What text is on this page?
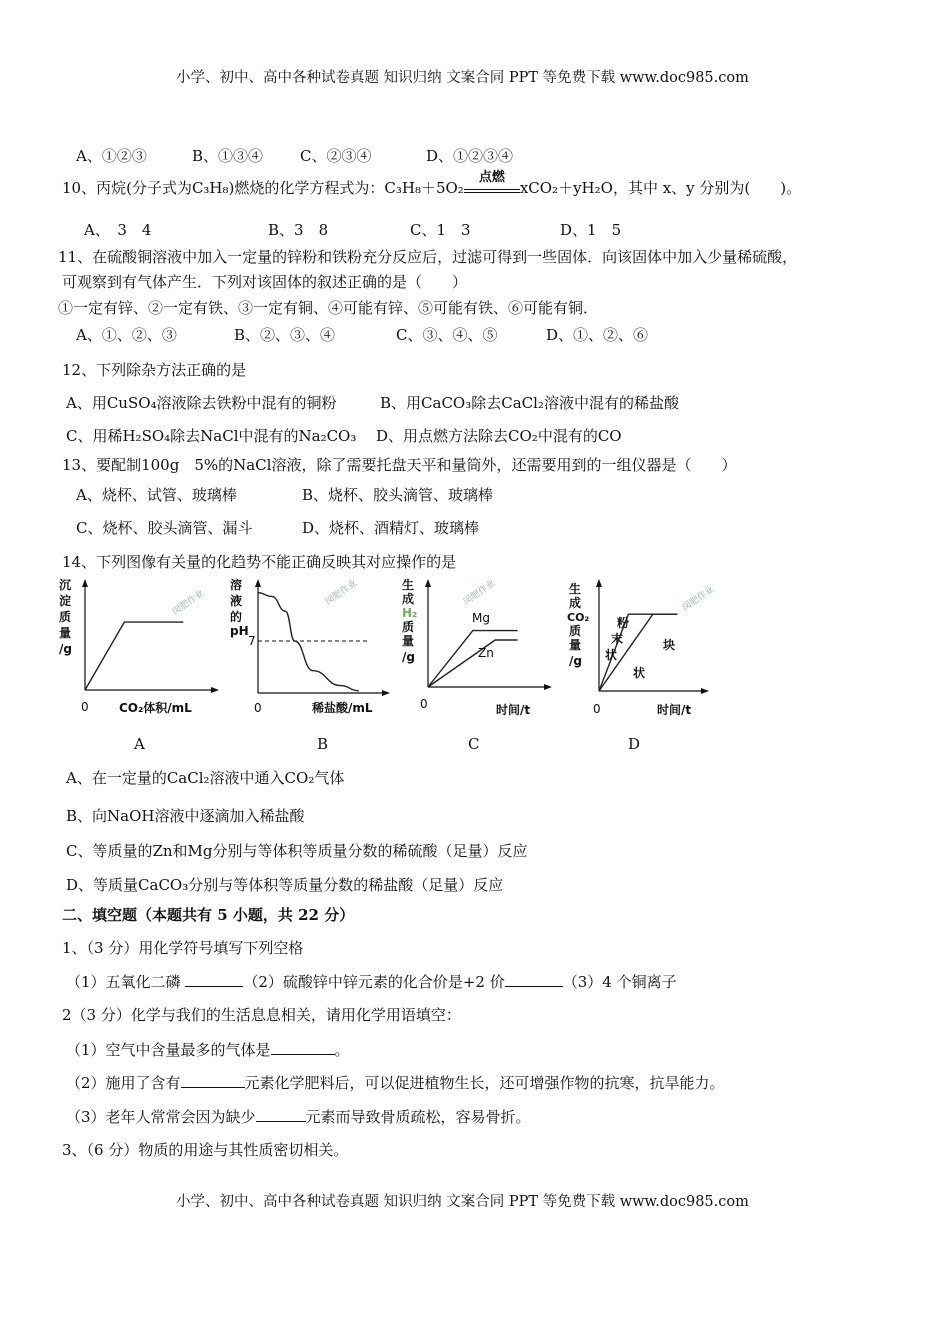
小学、初中、高中各种试卷真题 知识归纳 文案合同 PPT 等免费下载 www.doc985.com
A、①②③	B、①③④ C、②③④	D、①②③④
10、丙烷(分子式为C₃H₈)燃烧的化学方程式为：C₃H₈＋5O₂
点燃
xCO₂＋yH₂O，其中 x、y 分别为(　　)。
A、　3　4	B、3　8	C、1　3	D、1　5
11、在硫酸铜溶液中加入一定量的锌粉和铁粉充分反应后，过滤可得到一些固体．向该固体中加入少量稀硫酸，
可观察到有气体产生．下列对该固体的叙述正确的是（　　）
①一定有锌、②一定有铁、③一定有铜、④可能有锌、⑤可能有铁、⑥可能有铜．
A、①、②、③	B、②、③、④	C、③、④、⑤	D、①、②、⑥
12、下列除杂方法正确的是
A、用CuSO₄溶液除去铁粉中混有的铜粉	B、用CaCO₃除去CaCl₂溶液中混有的稀盐酸
C、用稀H₂SO₄除去NaCl中混有的Na₂CO₃ D、用点燃方法除去CO₂中混有的CO
13、要配制100g　5%的NaCl溶液，除了需要托盘天平和量筒外，还需要用到的一组仪器是（　　）
A、烧杯、试管、玻璃棒	B、烧杯、胶头滴管、玻璃棒
C、烧杯、胶头滴管、漏斗	D、烧杯、酒精灯、玻璃棒
14、下列图像有关量的化趋势不能正确反映其对应操作的是
沉
淀
质
量
/g
0	CO₂体积/mL
闵肥作业
A
溶
液
的
pH
7
0	稀盐酸/mL
闵肥作业
B
生
成
H₂
质
量
/g
Mg
Zn
0	时间/t
闵肥作业
C
生
成
CO₂
质
量
/g
粉
末
状
块
状
0	时间/t
闵肥作业
D
A、在一定量的CaCl₂溶液中通入CO₂气体
B、向NaOH溶液中逐滴加入稀盐酸
C、等质量的Zn和Mg分别与等体积等质量分数的稀硫酸（足量）反应
D、等质量CaCO₃分别与等体积等质量分数的稀盐酸（足量）反应
二、填空题（本题共有 5 小题，共 22 分）
1、（3 分）用化学符号填写下列空格
（1）五氧化二磷	（2）硫酸锌中锌元素的化合价是+2 价	（3）4 个铜离子
2（3 分）化学与我们的生活息息相关，请用化学用语填空：
（1）空气中含量最多的气体是	。
（2）施用了含有	元素化学肥料后，可以促进植物生长，还可增强作物的抗寒，抗旱能力。
（3）老年人常常会因为缺少	元素而导致骨质疏松，容易骨折。
3、（6 分）物质的用途与其性质密切相关。
小学、初中、高中各种试卷真题 知识归纳 文案合同 PPT 等免费下载 www.doc985.com
